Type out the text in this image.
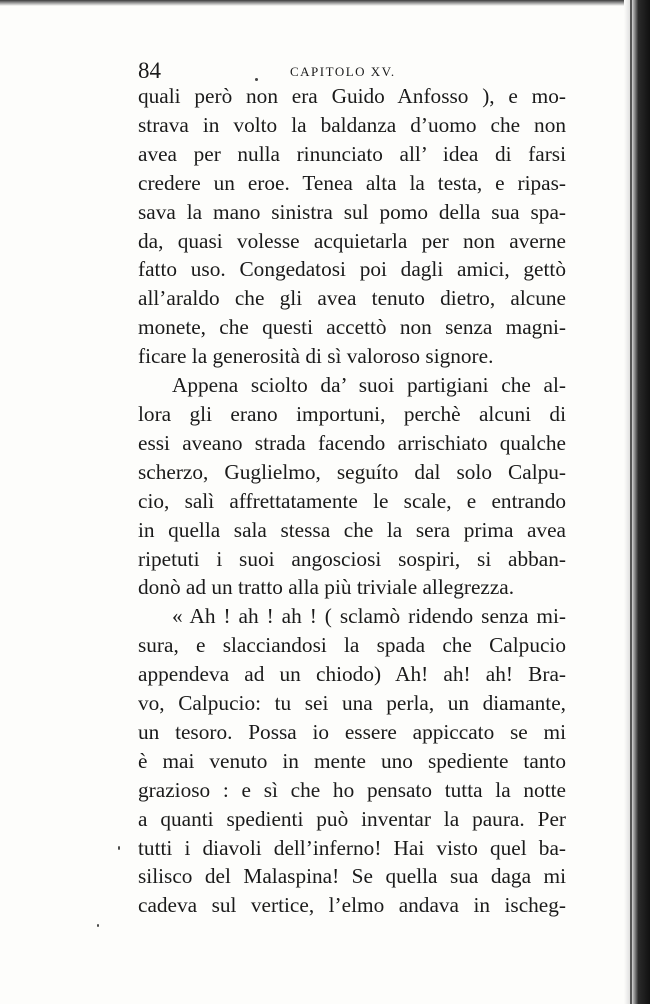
84	CAPITOLO XV.
quali però non era Guido Anfosso ), e mo-
strava in volto la baldanza d’uomo che non
avea per nulla rinunciato all’ idea di farsi
credere un eroe. Tenea alta la testa, e ripas-
sava la mano sinistra sul pomo della sua spa-
da, quasi volesse acquietarla per non averne
fatto uso. Congedatosi poi dagli amici, gettò
all’araldo che gli avea tenuto dietro, alcune
monete, che questi accettò non senza magni-
ficare la generosità di sì valoroso signore.
Appena sciolto da’ suoi partigiani che al-
lora gli erano importuni, perchè alcuni di
essi aveano strada facendo arrischiato qualche
scherzo, Guglielmo, seguíto dal solo Calpu-
cio, salì affrettatamente le scale, e entrando
in quella sala stessa che la sera prima avea
ripetuti i suoi angosciosi sospiri, si abban-
donò ad un tratto alla più triviale allegrezza.
« Ah ! ah ! ah ! ( sclamò ridendo senza mi-
sura, e slacciandosi la spada che Calpucio
appendeva ad un chiodo) Ah! ah! ah! Bra-
vo, Calpucio: tu sei una perla, un diamante,
un tesoro. Possa io essere appiccato se mi
è mai venuto in mente uno spediente tanto
grazioso : e sì che ho pensato tutta la notte
a quanti spedienti può inventar la paura. Per
tutti i diavoli dell’inferno! Hai visto quel ba-
silisco del Malaspina! Se quella sua daga mi
cadeva sul vertice, l’elmo andava in ischeg-
